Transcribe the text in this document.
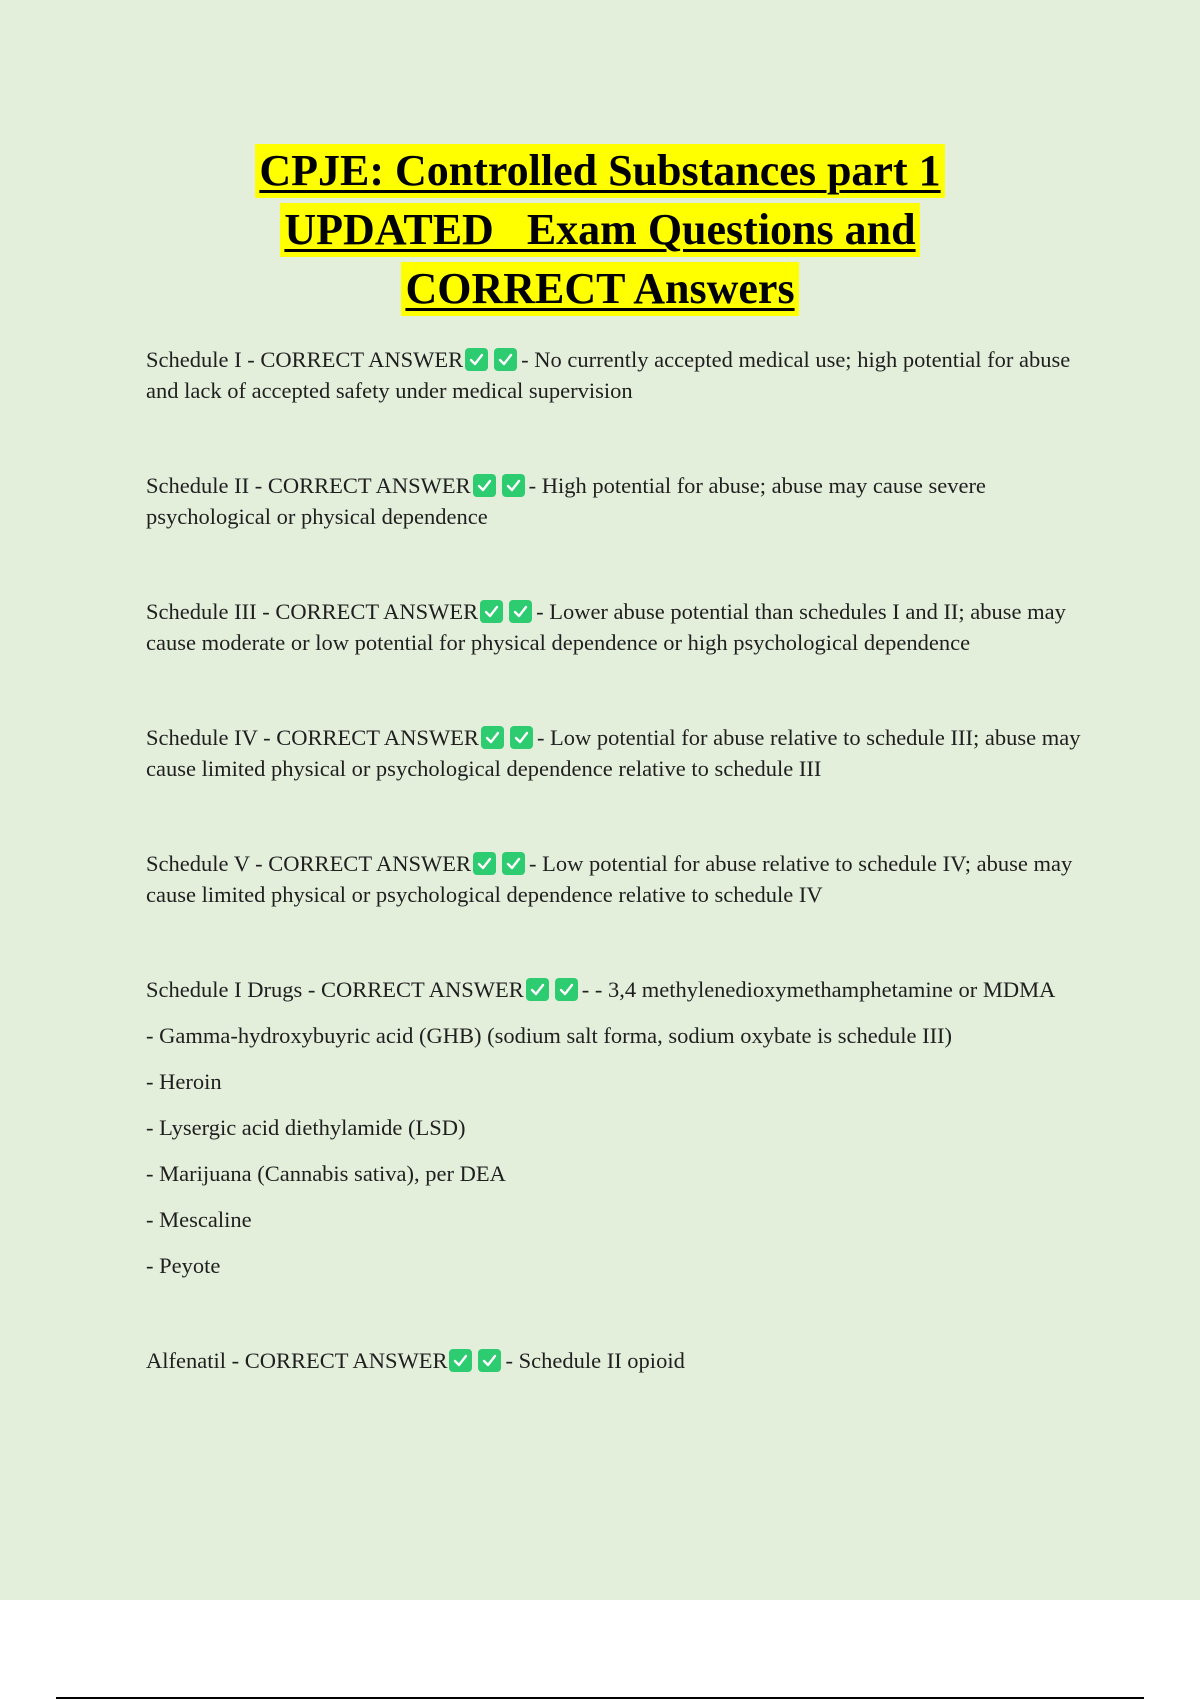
CPJE: Controlled Substances part 1
UPDATED   Exam Questions and
CORRECT Answers

Schedule I - CORRECT ANSWER	- No currently accepted medical use; high potential for abuse and lack of accepted safety under medical supervision

Schedule II - CORRECT ANSWER	- High potential for abuse; abuse may cause severe psychological or physical dependence

Schedule III - CORRECT ANSWER	- Lower abuse potential than schedules I and II; abuse may cause moderate or low potential for physical dependence or high psychological dependence

Schedule IV - CORRECT ANSWER	- Low potential for abuse relative to schedule III; abuse may cause limited physical or psychological dependence relative to schedule III

Schedule V - CORRECT ANSWER	- Low potential for abuse relative to schedule IV; abuse may cause limited physical or psychological dependence relative to schedule IV

Schedule I Drugs - CORRECT ANSWER	- - 3,4 methylenedioxymethamphetamine or MDMA

- Gamma-hydroxybuyric acid (GHB) (sodium salt forma, sodium oxybate is schedule III)
- Heroin
- Lysergic acid diethylamide (LSD)
- Marijuana (Cannabis sativa), per DEA
- Mescaline
- Peyote

Alfenatil - CORRECT ANSWER	- Schedule II opioid
